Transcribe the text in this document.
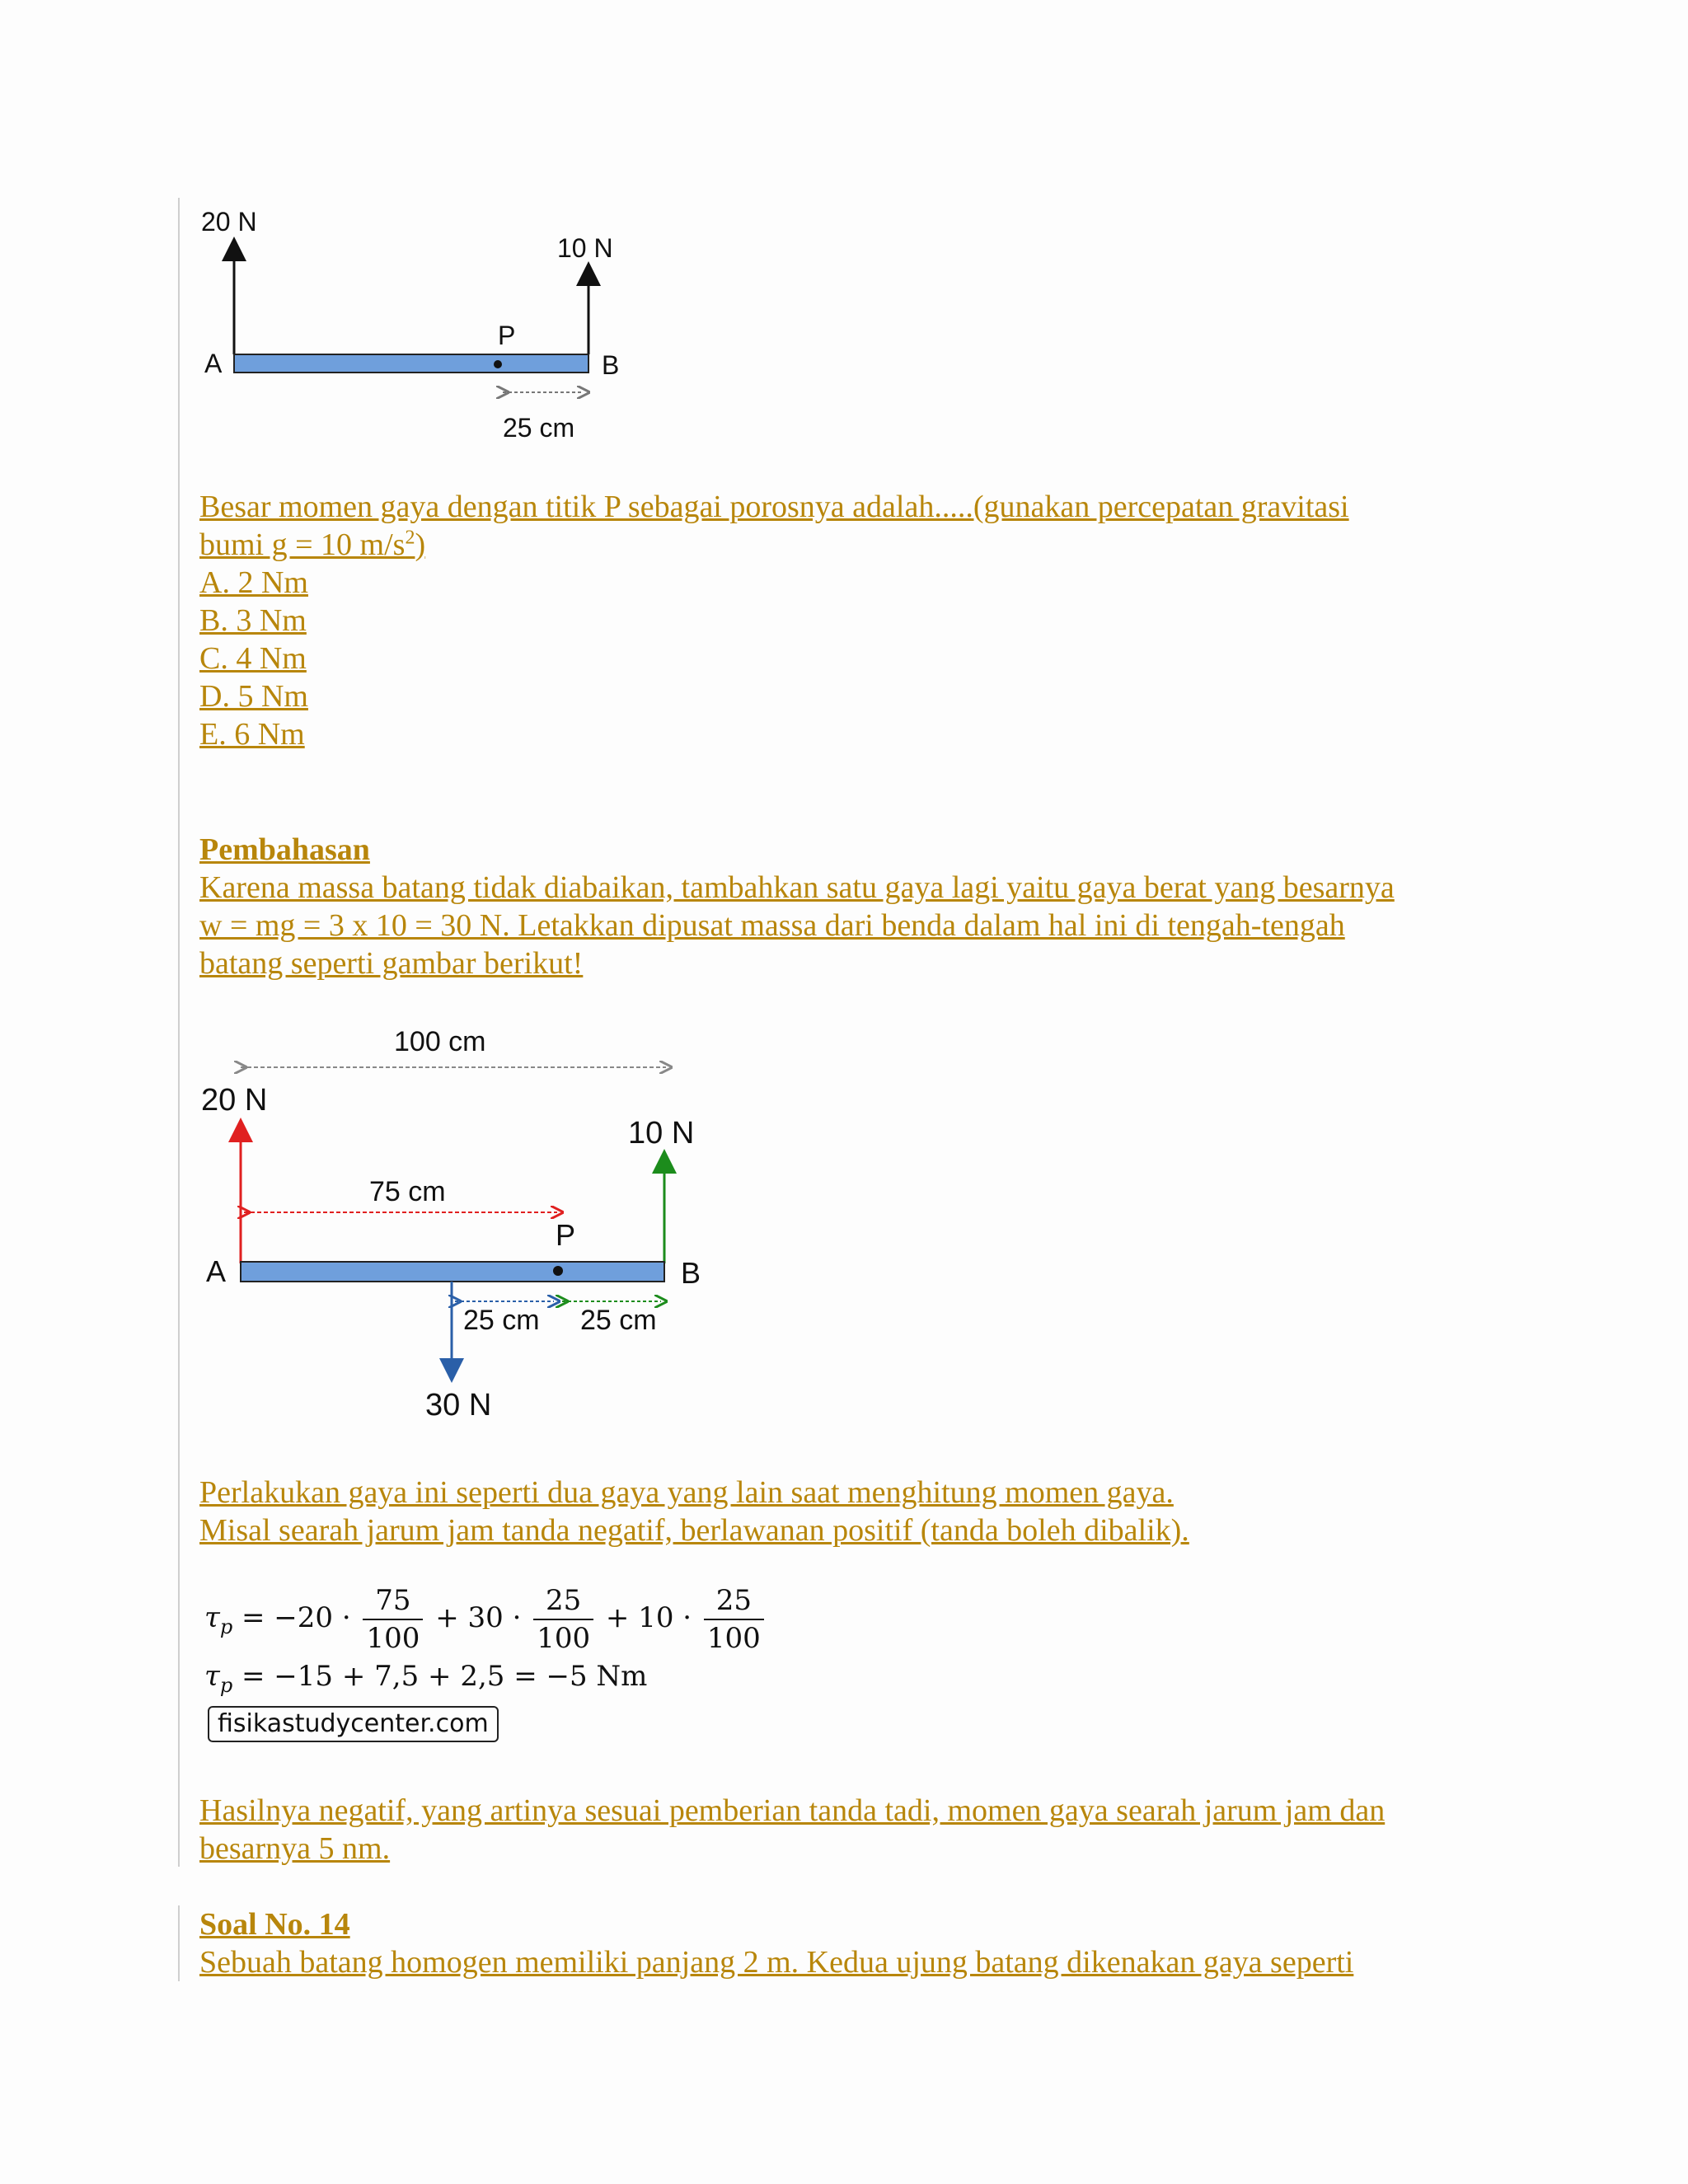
20 N
10 N
A	B
P
25 cm
Besar momen gaya dengan titik P sebagai porosnya adalah.....(gunakan percepatan gravitasi
bumi g = 10 $m/s^2$)
A. 2 Nm
B. 3 Nm
C. 4 Nm
D. 5 Nm
E. 6 Nm
Pembahasan
Karena massa batang tidak diabaikan, tambahkan satu gaya lagi yaitu gaya berat yang besarnya
w = mg = 3 x 10 = 30 N. Letakkan dipusat massa dari benda dalam hal ini di tengah-tengah
batang seperti gambar berikut!
100 cm
20 N
10 N
75 cm
P
A	B
25 cm 25 cm
30 N
Perlakukan gaya ini seperti dua gaya yang lain saat menghitung momen gaya.
Misal searah jarum jam tanda negatif, berlawanan positif (tanda boleh dibalik).
$\tau_p = -20 \cdot \frac{75}{100} + 30 \cdot \frac{25}{100} + 10 \cdot \frac{25}{100}$
$\tau_p = -15 + 7,5 + 2,5 = -5$ Nm
fisikastudycenter.com
Hasilnya negatif, yang artinya sesuai pemberian tanda tadi, momen gaya searah jarum jam dan
besarnya 5 nm.
Soal No. 14
Sebuah batang homogen memiliki panjang 2 m. Kedua ujung batang dikenakan gaya seperti
